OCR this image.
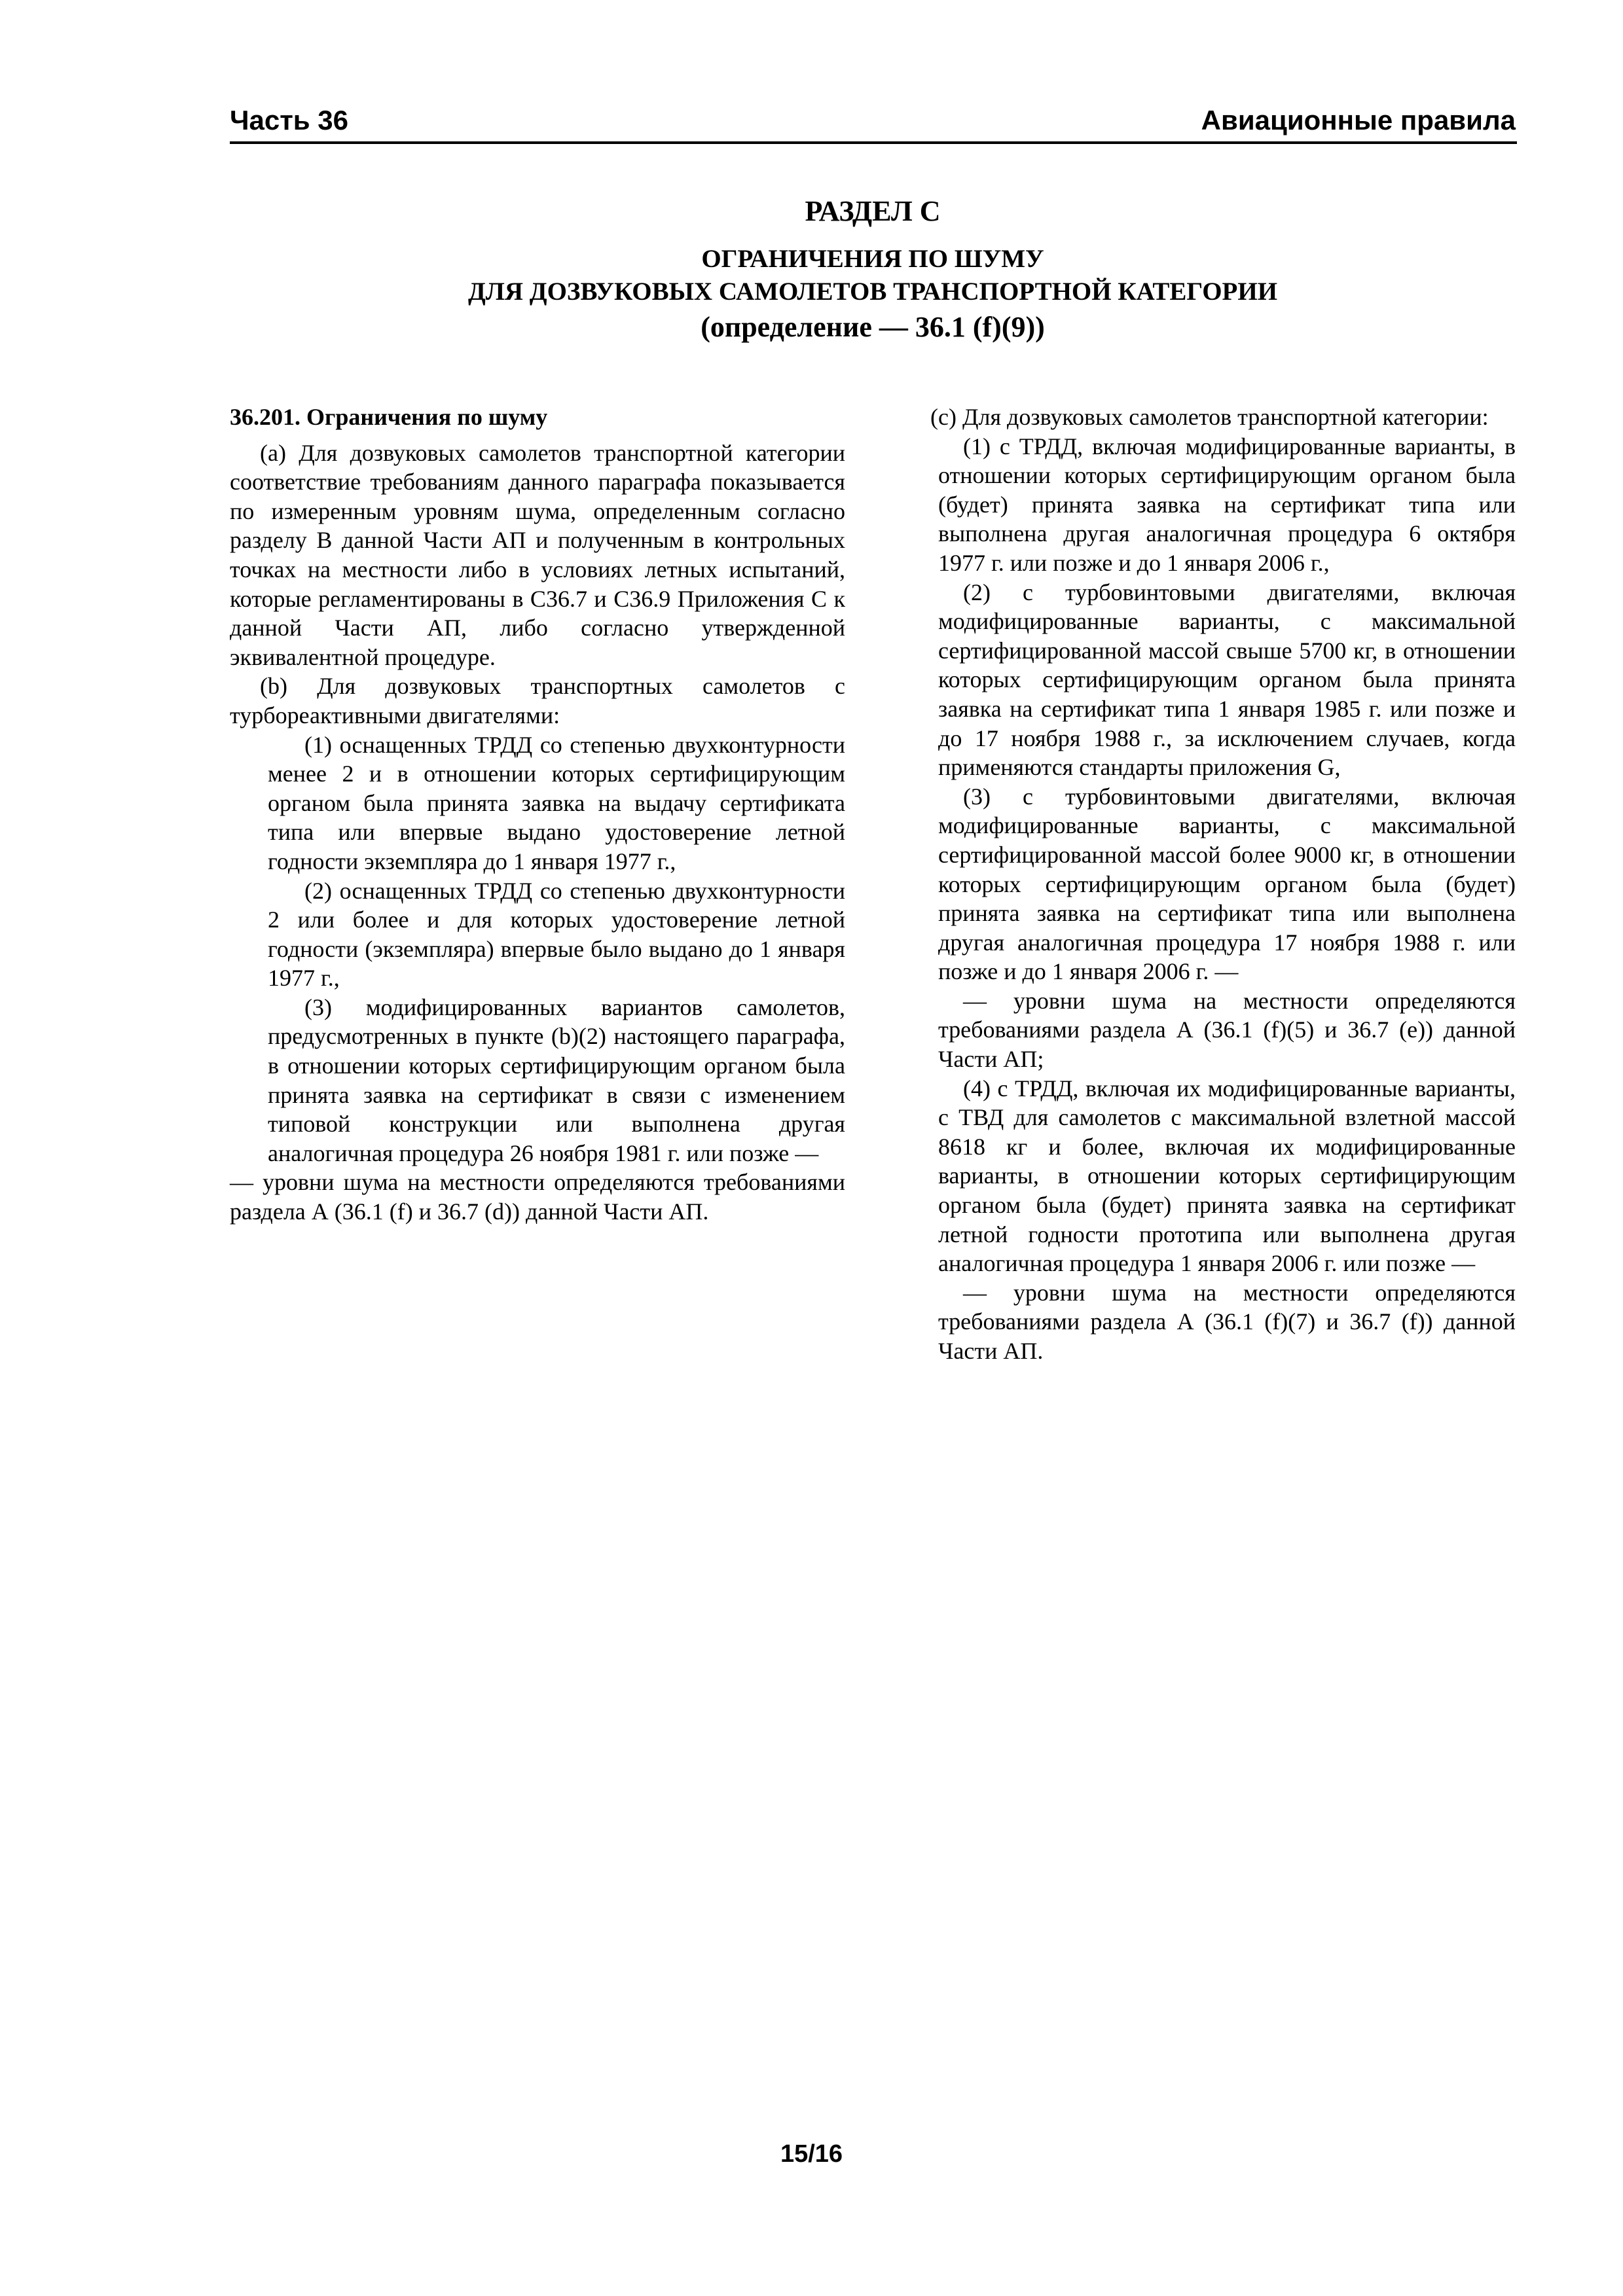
Часть 36	Авиационные правила
РАЗДЕЛ С
ОГРАНИЧЕНИЯ ПО ШУМУ
ДЛЯ ДОЗВУКОВЫХ САМОЛЕТОВ ТРАНСПОРТНОЙ КАТЕГОРИИ
(определение — 36.1 (f)(9))

36.201. Ограничения по шуму

(а) Для дозвуковых самолетов транспортной категории соответствие требованиям данного параграфа показывается по измеренным уровням шума, определенным согласно разделу В данной Части АП и полученным в контрольных точках на местности либо в условиях летных испытаний, которые регламентированы в С36.7 и С36.9 Приложения С к данной Части АП, либо согласно утвержденной эквивалентной процедуре.

(b) Для дозвуковых транспортных самолетов с турбореактивными двигателями:

(1) оснащенных ТРДД со степенью двухконтурности менее 2 и в отношении которых сертифицирующим органом была принята заявка на выдачу сертификата типа или впервые выдано удостоверение летной годности экземпляра до 1 января 1977 г.,

(2) оснащенных ТРДД со степенью двухконтурности 2 или более и для которых удостоверение летной годности (экземпляра) впервые было выдано до 1 января 1977 г.,

(3) модифицированных вариантов самолетов, предусмотренных в пункте (b)(2) настоящего параграфа, в отношении которых сертифицирующим органом была принята заявка на сертификат в связи с изменением типовой конструкции или выполнена другая аналогичная процедура 26 ноября 1981 г. или позже —

— уровни шума на местности определяются требованиями раздела А (36.1 (f) и 36.7 (d)) данной Части АП.

(с) Для дозвуковых самолетов транспортной категории:

(1) с ТРДД, включая модифицированные варианты, в отношении которых сертифицирующим органом была (будет) принята заявка на сертификат типа или выполнена другая аналогичная процедура 6 октября 1977 г. или позже и до 1 января 2006 г.,

(2) с турбовинтовыми двигателями, включая модифицированные варианты, с максимальной сертифицированной массой свыше 5700 кг, в отношении которых сертифицирующим органом была принята заявка на сертификат типа 1 января 1985 г. или позже и до 17 ноября 1988 г., за исключением случаев, когда применяются стандарты приложения G,

(3) с турбовинтовыми двигателями, включая модифицированные варианты, с максимальной сертифицированной массой более 9000 кг, в отношении которых сертифицирующим органом была (будет) принята заявка на сертификат типа или выполнена другая аналогичная процедура 17 ноября 1988 г. или позже и до 1 января 2006 г. —

— уровни шума на местности определяются требованиями раздела А (36.1 (f)(5) и 36.7 (e)) данной Части АП;

(4) с ТРДД, включая их модифицированные варианты, с ТВД для самолетов с максимальной взлетной массой 8618 кг и более, включая их модифицированные варианты, в отношении которых сертифицирующим органом была (будет) принята заявка на сертификат летной годности прототипа или выполнена другая аналогичная процедура 1 января 2006 г. или позже —

— уровни шума на местности определяются требованиями раздела А (36.1 (f)(7) и 36.7 (f)) данной Части АП.

15/16
